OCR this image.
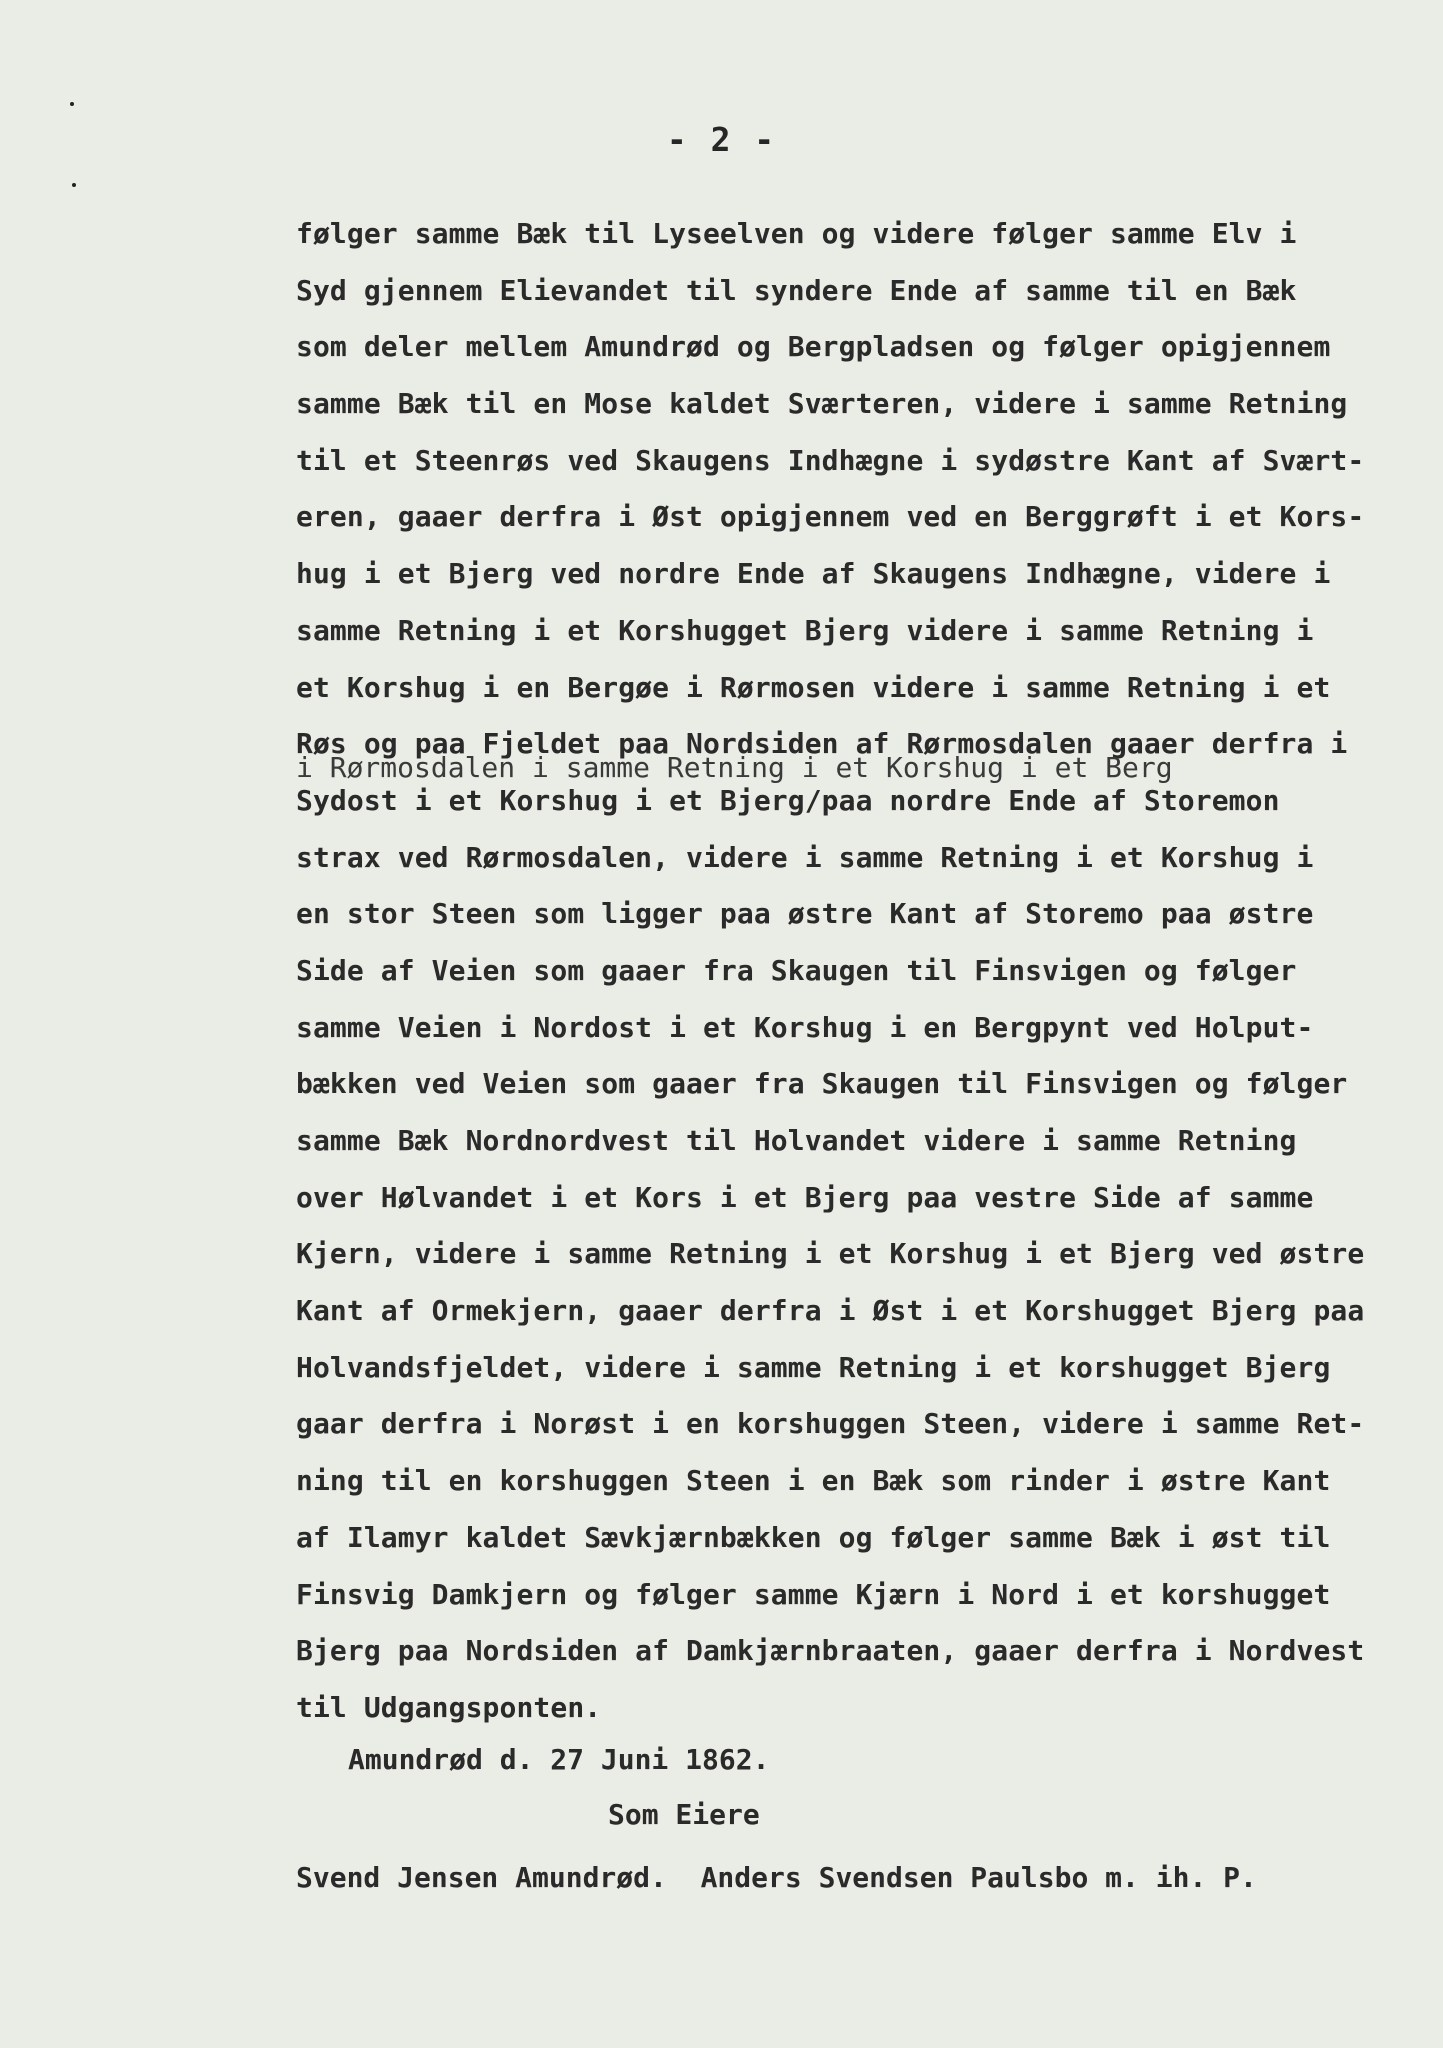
- 2 -
følger samme Bæk til Lyseelven og videre følger samme Elv i
Syd gjennem Elievandet til syndere Ende af samme til en Bæk
som deler mellem Amundrød og Bergpladsen og følger opigjennem
samme Bæk til en Mose kaldet Sværteren, videre i samme Retning
til et Steenrøs ved Skaugens Indhægne i sydøstre Kant af Svært-
eren, gaaer derfra i Øst opigjennem ved en Berggrøft i et Kors-
hug i et Bjerg ved nordre Ende af Skaugens Indhægne, videre i
samme Retning i et Korshugget Bjerg videre i samme Retning i
et Korshug i en Bergøe i Rørmosen videre i samme Retning i et
Røs og paa Fjeldet paa Nordsiden af Rørmosdalen gaaer derfra i
Sydost i et Korshug i et Bjerg/paa nordre Ende af Storemon
strax ved Rørmosdalen, videre i samme Retning i et Korshug i
en stor Steen som ligger paa østre Kant af Storemo paa østre
Side af Veien som gaaer fra Skaugen til Finsvigen og følger
samme Veien i Nordost i et Korshug i en Bergpynt ved Holput-
bækken ved Veien som gaaer fra Skaugen til Finsvigen og følger
samme Bæk Nordnordvest til Holvandet videre i samme Retning
over Hølvandet i et Kors i et Bjerg paa vestre Side af samme
Kjern, videre i samme Retning i et Korshug i et Bjerg ved østre
Kant af Ormekjern, gaaer derfra i Øst i et Korshugget Bjerg paa
Holvandsfjeldet, videre i samme Retning i et korshugget Bjerg
gaar derfra i Norøst i en korshuggen Steen, videre i samme Ret-
ning til en korshuggen Steen i en Bæk som rinder i østre Kant
af Ilamyr kaldet Sævkjærnbækken og følger samme Bæk i øst til
Finsvig Damkjern og følger samme Kjærn i Nord i et korshugget
Bjerg paa Nordsiden af Damkjærnbraaten, gaaer derfra i Nordvest
til Udgangsponten.
i Rørmosdalen i samme Retning i et Korshug i et Berg
Amundrød d. 27 Juni 1862.
Som Eiere
Svend Jensen Amundrød.  Anders Svendsen Paulsbo m. ih. P.
